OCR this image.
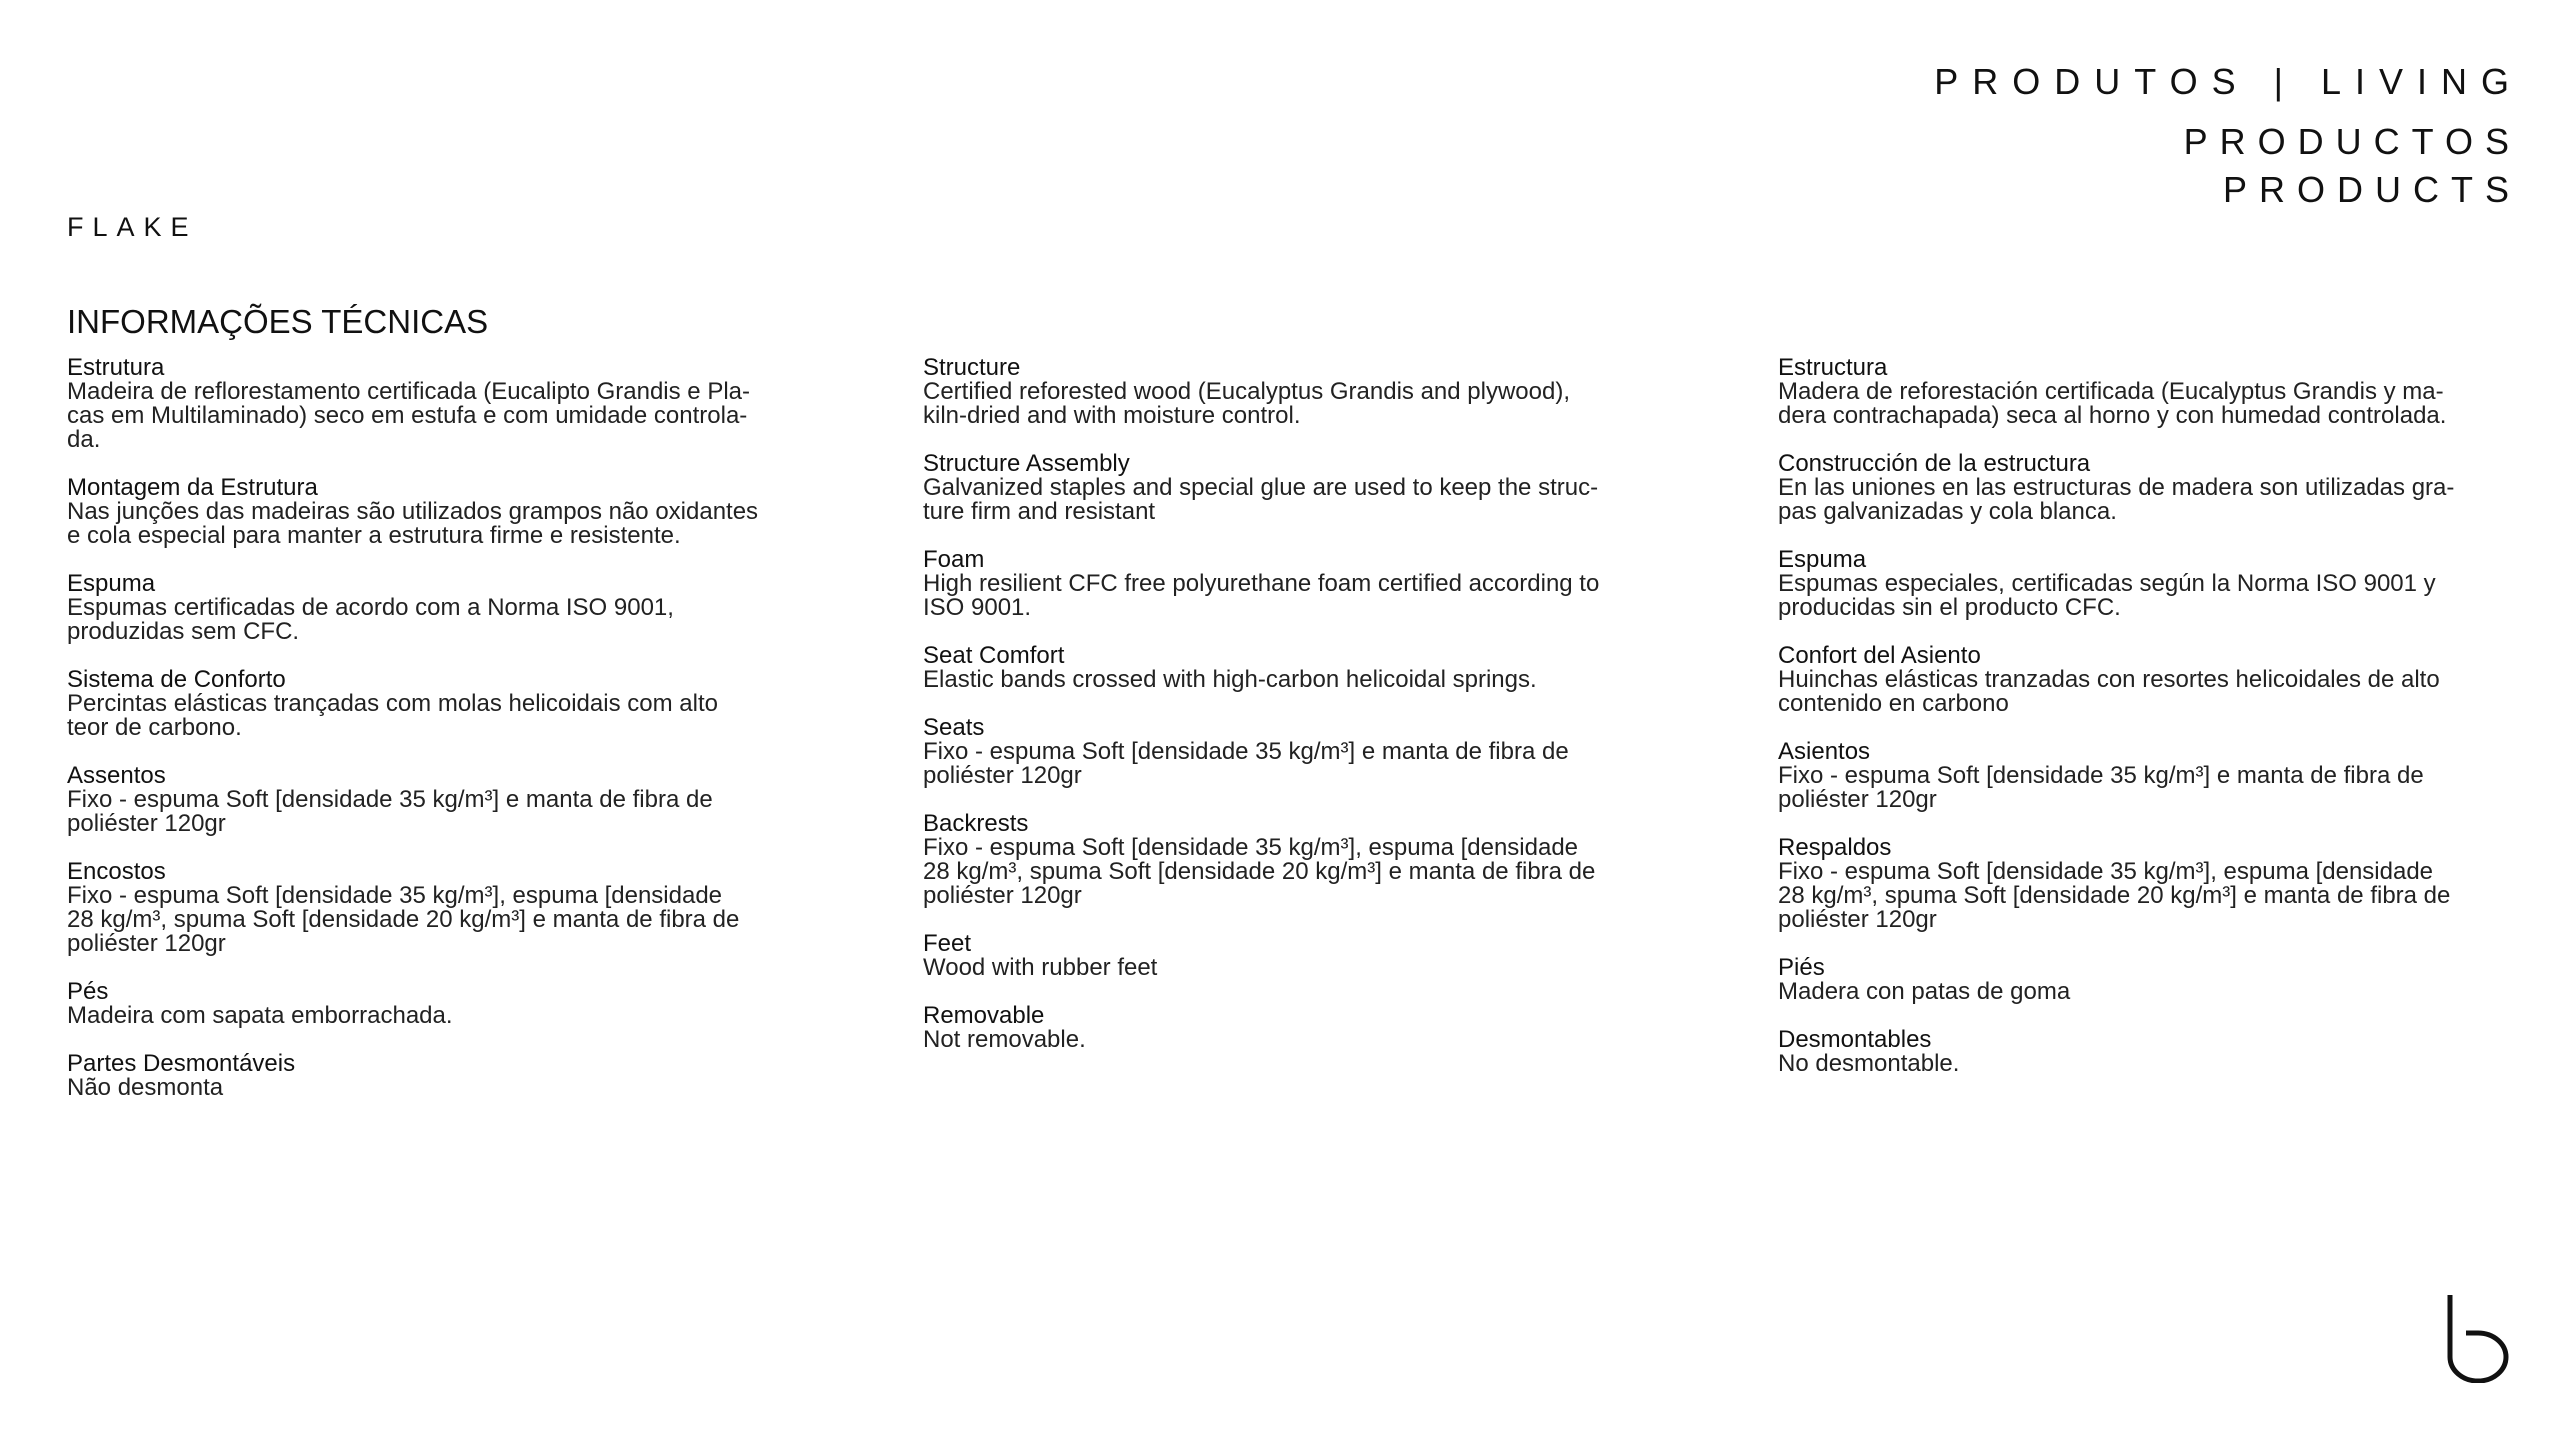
PRODUTOS | LIVING
PRODUCTOS
PRODUCTS
FLAKE
INFORMAÇÕES TÉCNICAS
Estrutura
Madeira de reflorestamento certificada (Eucalipto Grandis e Pla-
cas em Multilaminado) seco em estufa e com umidade controla-
da.
Montagem da Estrutura
Nas junções das madeiras são utilizados grampos não oxidantes
e cola especial para manter a estrutura firme e resistente.
Espuma
Espumas certificadas de acordo com a Norma ISO 9001,
produzidas sem CFC.
Sistema de Conforto
Percintas elásticas trançadas com molas helicoidais com alto
teor de carbono.
Assentos
Fixo - espuma Soft [densidade 35 kg/m³] e manta de fibra de
poliéster 120gr
Encostos
Fixo - espuma Soft [densidade 35 kg/m³], espuma [densidade
28 kg/m³, spuma Soft [densidade 20 kg/m³] e manta de fibra de
poliéster 120gr
Pés
Madeira com sapata emborrachada.
Partes Desmontáveis
Não desmonta
Structure
Certified reforested wood (Eucalyptus Grandis and plywood),
kiln-dried and with moisture control.
Structure Assembly
Galvanized staples and special glue are used to keep the struc-
ture firm and resistant
Foam
High resilient CFC free polyurethane foam certified according to
ISO 9001.
Seat Comfort
Elastic bands crossed with high-carbon helicoidal springs.
Seats
Fixo - espuma Soft [densidade 35 kg/m³] e manta de fibra de
poliéster 120gr
Backrests
Fixo - espuma Soft [densidade 35 kg/m³], espuma [densidade
28 kg/m³, spuma Soft [densidade 20 kg/m³] e manta de fibra de
poliéster 120gr
Feet
Wood with rubber feet
Removable
Not removable.
Estructura
Madera de reforestación certificada (Eucalyptus Grandis y ma-
dera contrachapada) seca al horno y con humedad controlada.
Construcción de la estructura
En las uniones en las estructuras de madera son utilizadas gra-
pas galvanizadas y cola blanca.
Espuma
Espumas especiales, certificadas según la Norma ISO 9001 y
producidas sin el producto CFC.
Confort del Asiento
Huinchas elásticas tranzadas con resortes helicoidales de alto
contenido en carbono
Asientos
Fixo - espuma Soft [densidade 35 kg/m³] e manta de fibra de
poliéster 120gr
Respaldos
Fixo - espuma Soft [densidade 35 kg/m³], espuma [densidade
28 kg/m³, spuma Soft [densidade 20 kg/m³] e manta de fibra de
poliéster 120gr
Piés
Madera con patas de goma
Desmontables
No desmontable.
